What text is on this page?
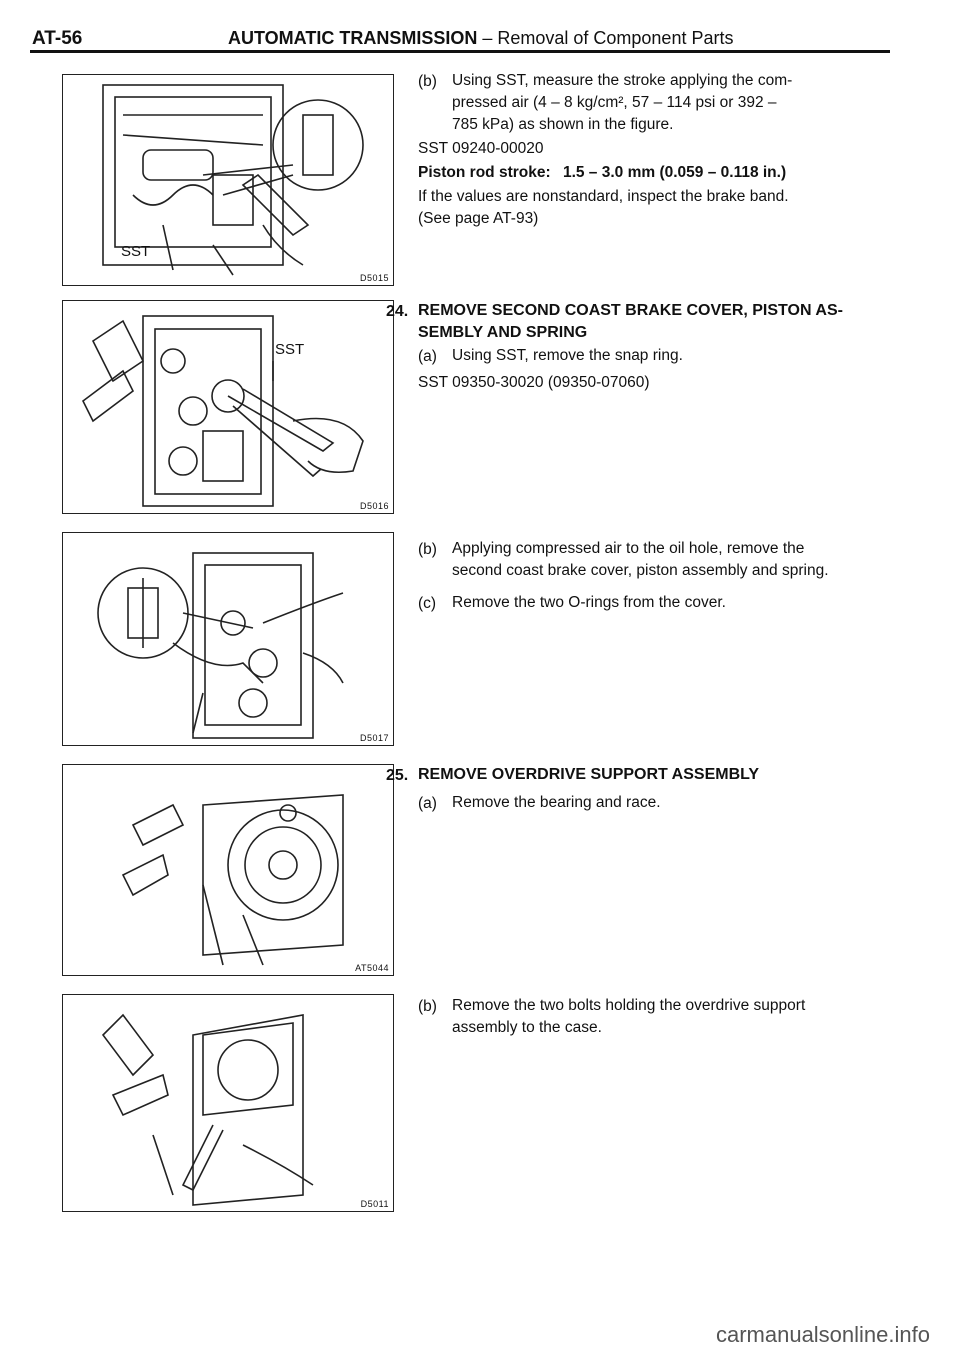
AT-56	AUTOMATIC TRANSMISSION – Removal of Component Parts
SST
D5015
SST
D5016
D5017
AT5044
D5011
(b) Using SST, measure the stroke applying the com-
pressed air (4 – 8 kg/cm², 57 – 114 psi or 392 –
785 kPa) as shown in the figure.
SST 09240-00020
Piston rod stroke: 1.5 – 3.0 mm (0.059 – 0.118 in.)
If the values are nonstandard, inspect the brake band.
(See page AT-93)
24. REMOVE SECOND COAST BRAKE COVER, PISTON AS-
SEMBLY AND SPRING
(a) Using SST, remove the snap ring.
SST 09350-30020 (09350-07060)
(b) Applying compressed air to the oil hole, remove the
second coast brake cover, piston assembly and spring.
(c) Remove the two O-rings from the cover.
25. REMOVE OVERDRIVE SUPPORT ASSEMBLY
(a) Remove the bearing and race.
(b) Remove the two bolts holding the overdrive support
assembly to the case.
carmanualsonline.info
